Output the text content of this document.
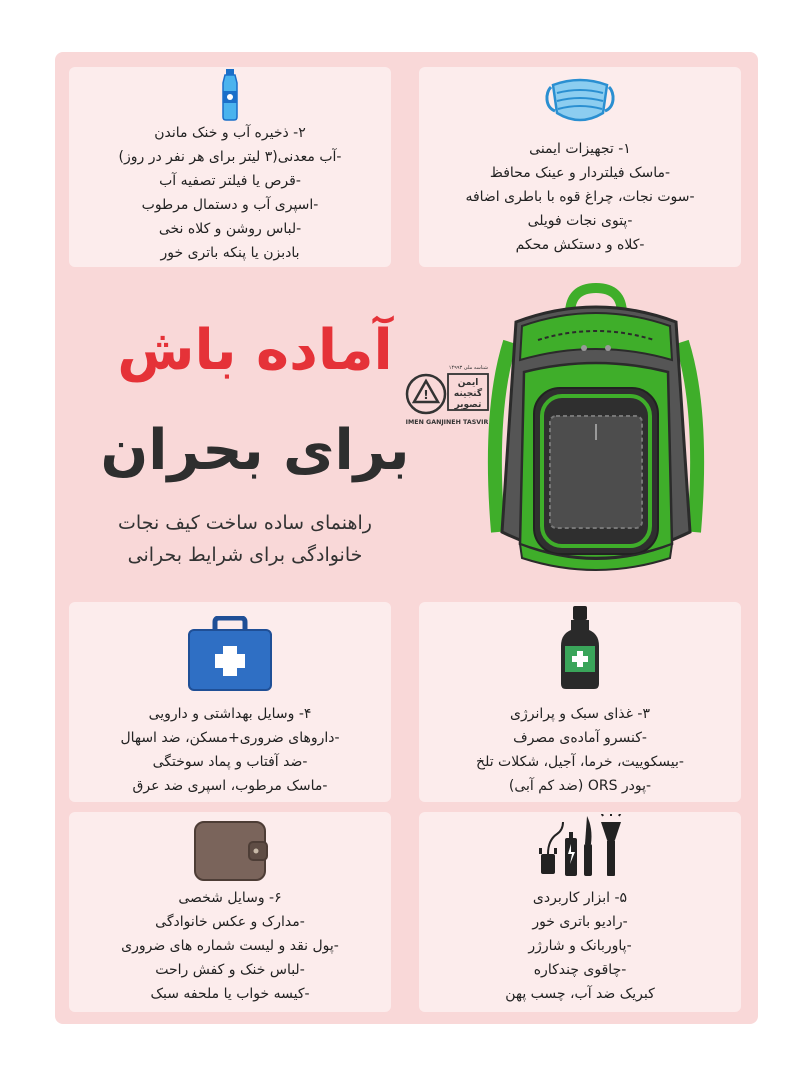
۱- تجهیزات ایمنی
-ماسک فیلتردار و عینک محافظ
-سوت نجات، چراغ قوه با باطری اضافه
-پتوی نجات فویلی
-کلاه و دستکش محکم
۲- ذخیره آب و خنک ماندن
-آب معدنی(۳ لیتر برای هر نفر در روز)
-قرص یا فیلتر تصفیه آب
-اسپری آب و دستمال مرطوب
-لباس روشن و کلاه نخی
بادبزن یا پنکه باتری خور
آماده باش
برای بحران
راهنمای ساده ساخت کیف نجات
خانوادگی برای شرایط بحرانی
شناسه ملی ۱۴۹۹۳
!
ایمن
گنجینه
تصویر
IMEN GANJINEH TASVIR
۳- غذای سبک و پرانرژی
-کنسرو آماده‌ی مصرف
-بیسکوییت، خرما، آجیل، شکلات تلخ
-پودر ORS (ضد کم آبی)
۴- وسایل بهداشتی و دارویی
-داروهای ضروری+مسکن، ضد اسهال
-ضد آفتاب و پماد سوختگی
-ماسک مرطوب، اسپری ضد عرق
۵- ابزار کاربردی
-رادیو باتری خور
-پاوربانک و شارژر
-چاقوی چندکاره
کبریک ضد آب، چسب پهن
۶- وسایل شخصی
-مدارک و عکس خانوادگی
-پول نقد و لیست شماره های ضروری
-لباس خنک و کفش راحت
-کیسه خواب یا ملحفه سبک
